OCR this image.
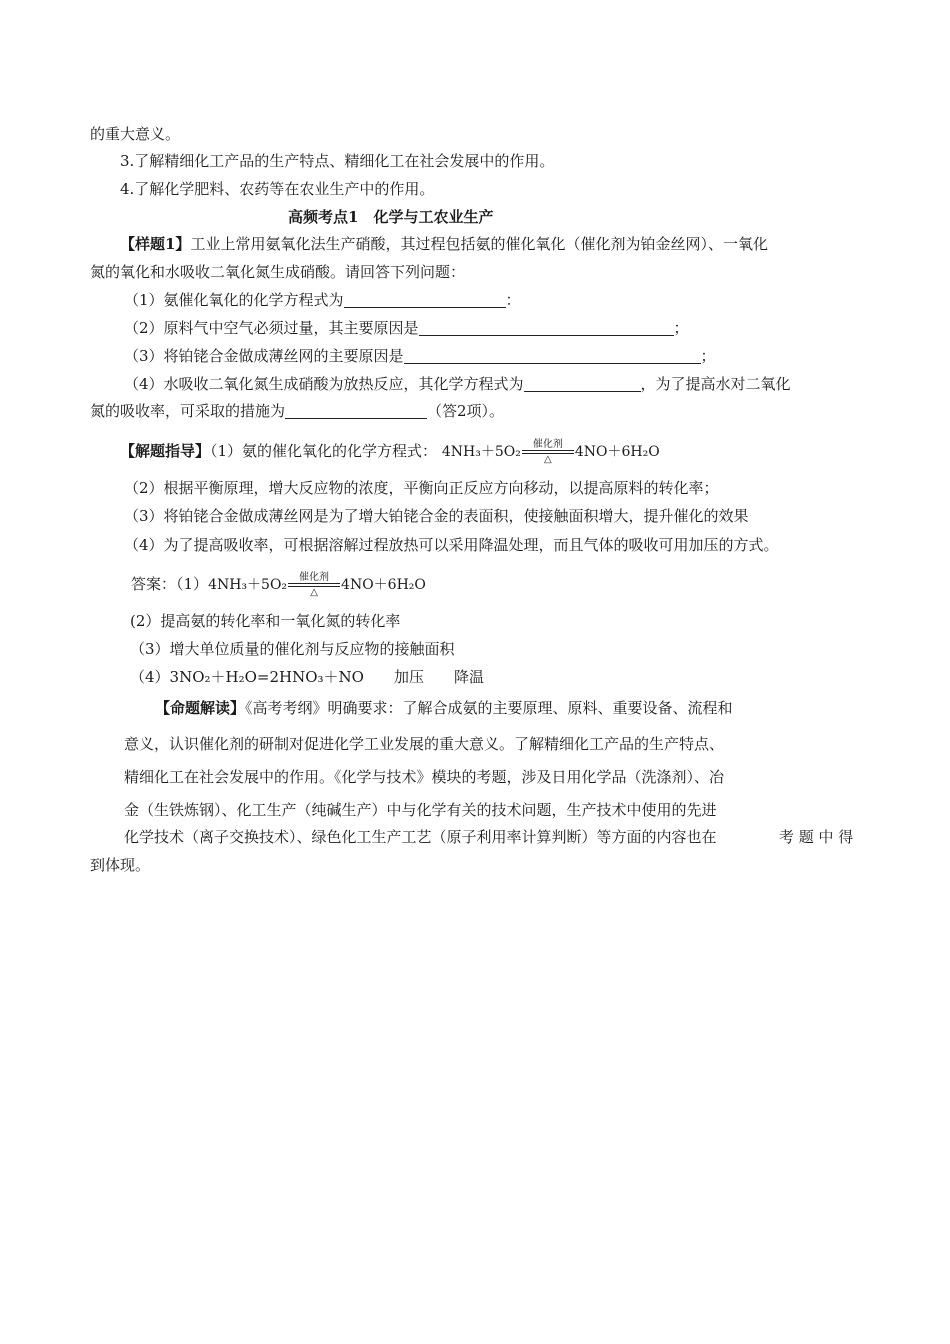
的重大意义。
3.了解精细化工产品的生产特点、精细化工在社会发展中的作用。
4.了解化学肥料、农药等在农业生产中的作用。
高频考点1　化学与工农业生产
【样题1】工业上常用氨氧化法生产硝酸，其过程包括氨的催化氧化（催化剂为铂金丝网）、一氧化
氮的氧化和水吸收二氧化氮生成硝酸。请回答下列问题：
（1）氨催化氧化的化学方程式为	：
（2）原料气中空气必须过量，其主要原因是	；
（3）将铂铑合金做成薄丝网的主要原因是	；
（4）水吸收二氧化氮生成硝酸为放热反应，其化学方程式为	，为了提高水对二氧化
氮的吸收率，可采取的措施为	（答2项）。
【解题指导】（1）氨的催化氧化的化学方程式： 4NH₃＋5O₂	催化剂
△	4NO＋6H₂O
（2）根据平衡原理，增大反应物的浓度，平衡向正反应方向移动，以提高原料的转化率；
（3）将铂铑合金做成薄丝网是为了增大铂铑合金的表面积，使接触面积增大，提升催化的效果
（4）为了提高吸收率，可根据溶解过程放热可以采用降温处理，而且气体的吸收可用加压的方式。
答案：（1）4NH₃＋5O₂	催化剂
△	4NO＋6H₂O
(2）提高氨的转化率和一氧化氮的转化率
（3）增大单位质量的催化剂与反应物的接触面积
（4）3NO₂＋H₂O=2HNO₃＋NO　　加压　　降温
【命题解读】《高考考纲》明确要求：了解合成氨的主要原理、原料、重要设备、流程和
意义，认识催化剂的研制对促进化学工业发展的重大意义。了解精细化工产品的生产特点、
精细化工在社会发展中的作用。《化学与技术》模块的考题，涉及日用化学品（洗涤剂）、冶
金（生铁炼钢）、化工生产（纯碱生产）中与化学有关的技术问题，生产技术中使用的先进
化学技术（离子交换技术）、绿色化工生产工艺（原子利用率计算判断）等方面的内容也在	考 题 中 得
到体现。
